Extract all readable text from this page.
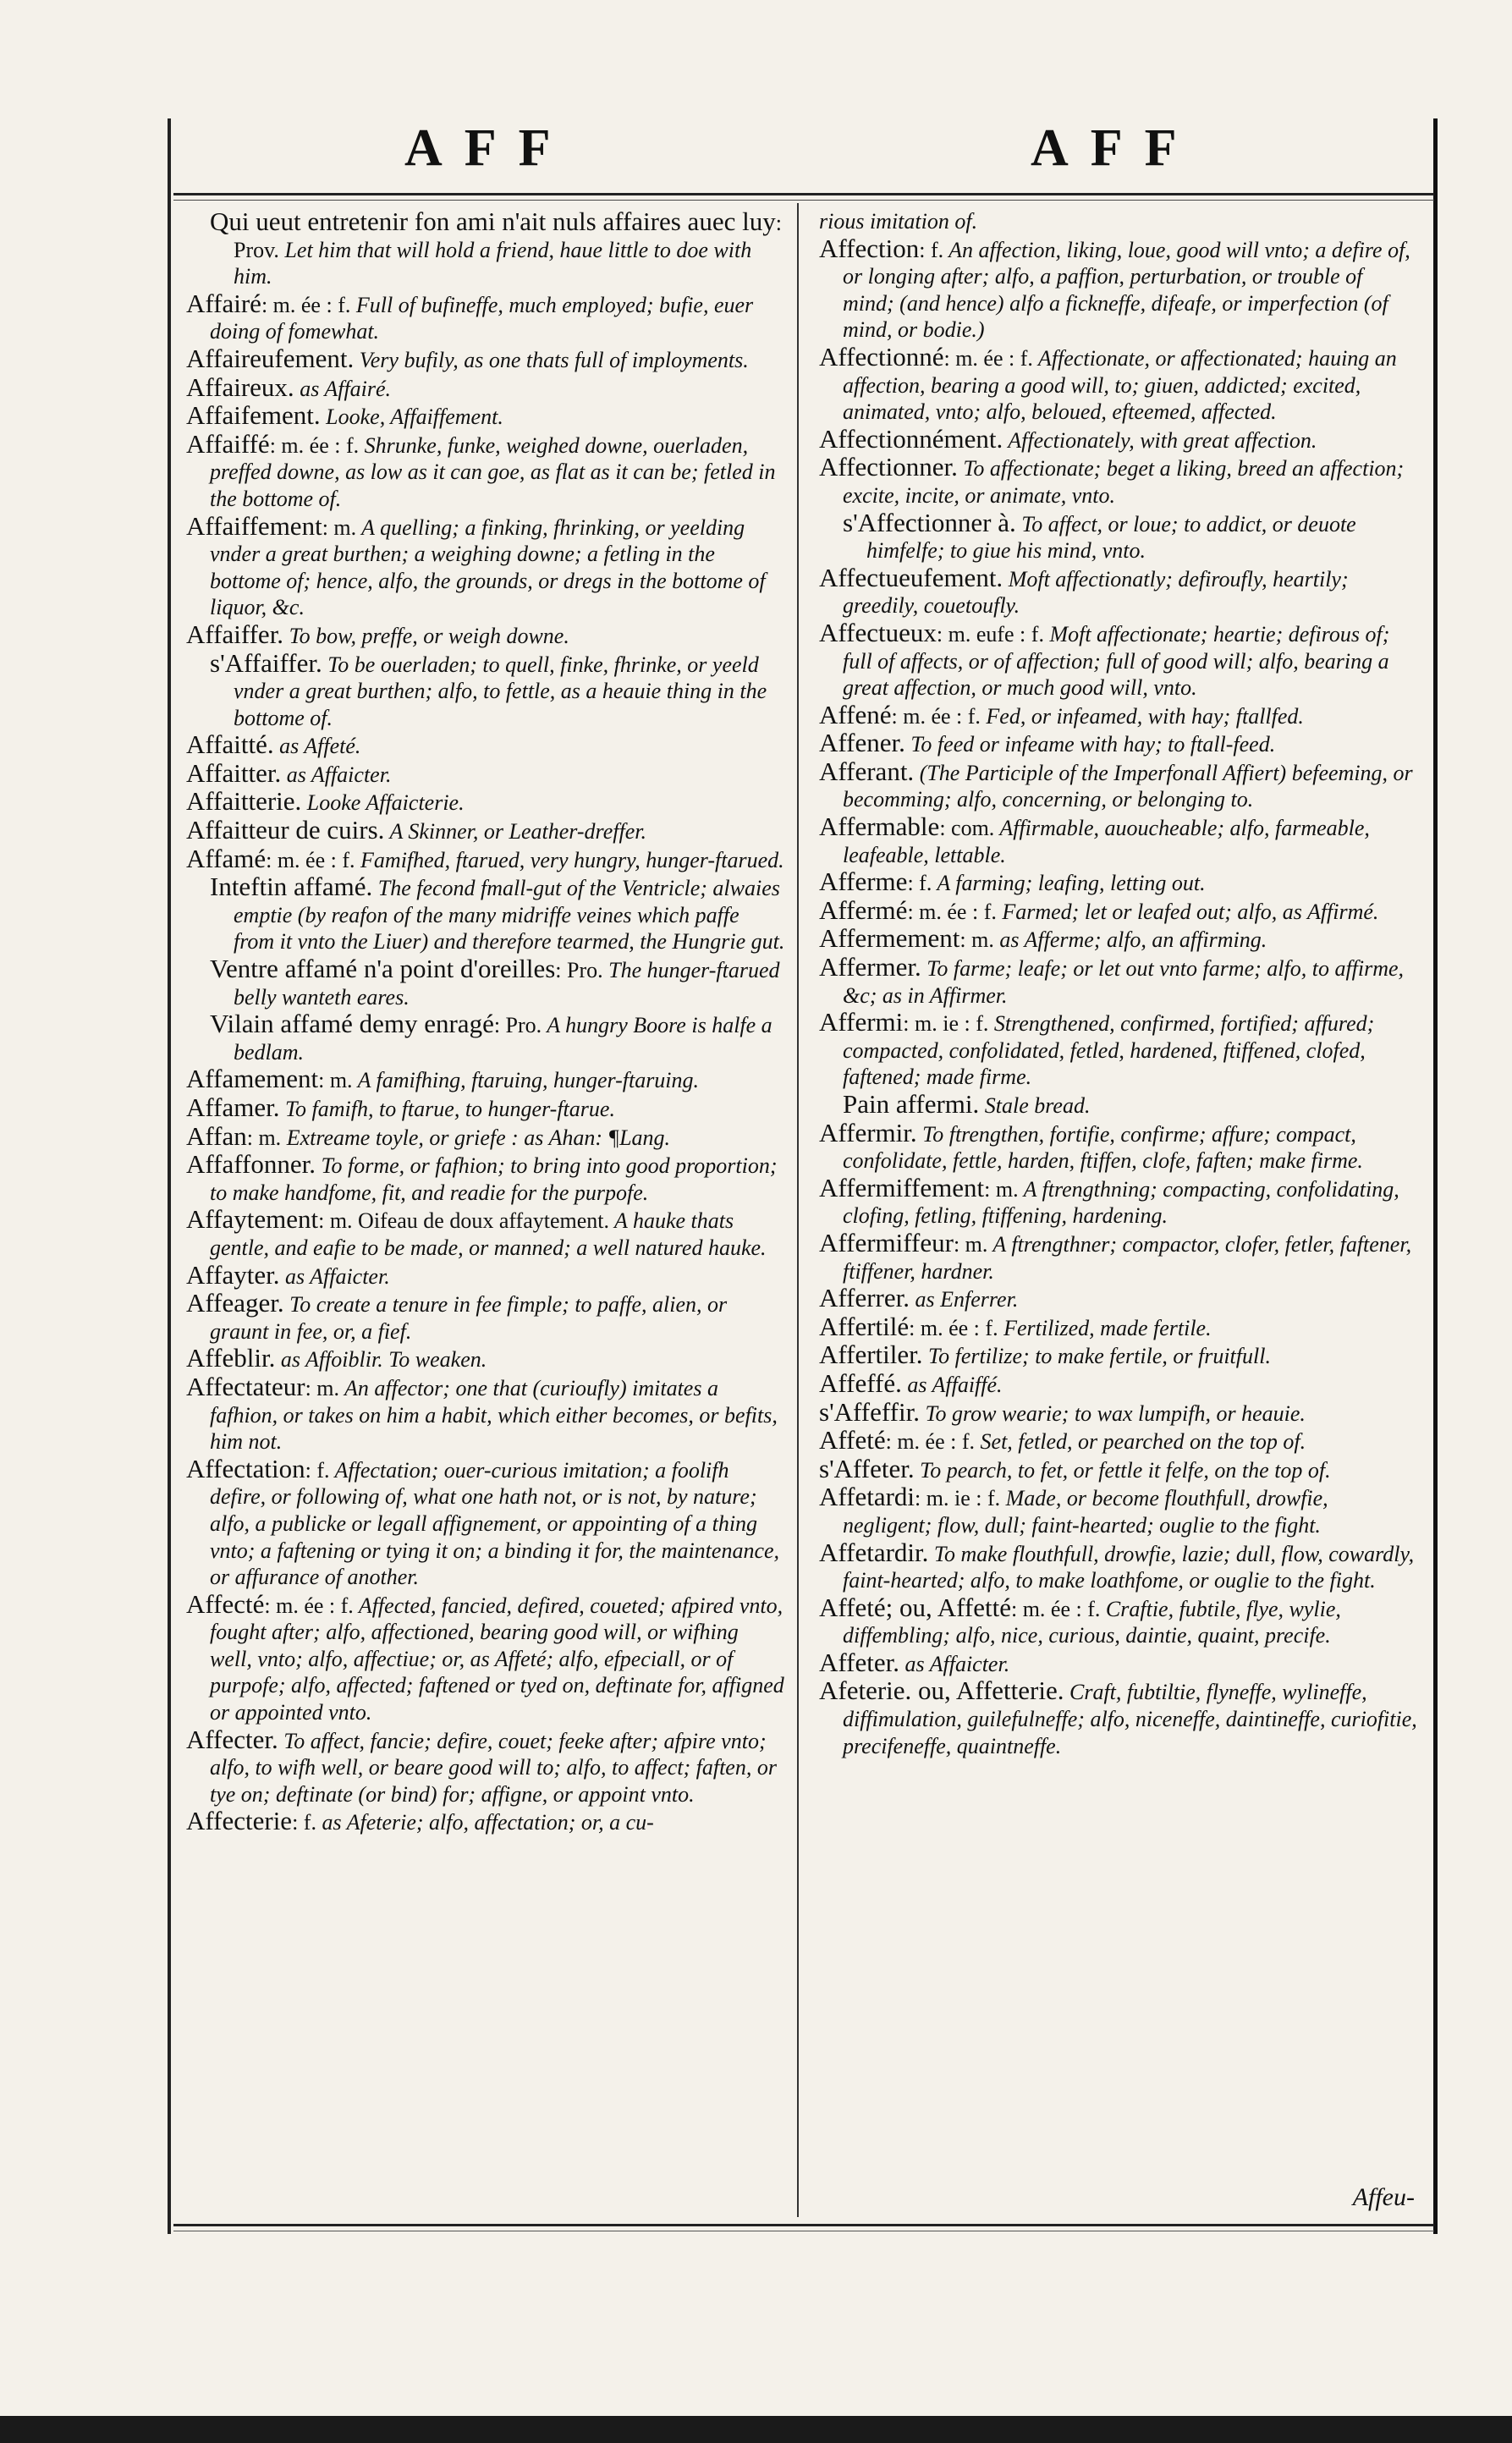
AFF	AFF
Qui ueut entretenir fon ami n'ait nuls affaires auec luy: Prov. Let him that will hold a friend, haue little to doe with him.
Affairé: m. ée : f. Full of bufineffe, much employed; bufie, euer doing of fomewhat.
Affaireufement. Very bufily, as one thats full of imployments.
Affaireux. as Affairé.
Affaifement. Looke, Affaiffement.
Affaiffé: m. ée : f. Shrunke, funke, weighed downe, ouerladen, preffed downe, as low as it can goe, as flat as it can be; fetled in the bottome of.
Affaiffement: m. A quelling; a finking, fhrinking, or yeelding vnder a great burthen; a weighing downe; a fetling in the bottome of; hence, alfo, the grounds, or dregs in the bottome of liquor, &c.
Affaiffer. To bow, preffe, or weigh downe.
s'Affaiffer. To be ouerladen; to quell, finke, fhrinke, or yeeld vnder a great burthen; alfo, to fettle, as a heauie thing in the bottome of.
Affaitté. as Affeté.
Affaitter. as Affaicter.
Affaitterie. Looke Affaicterie.
Affaitteur de cuirs. A Skinner, or Leather-dreffer.
Affamé: m. ée : f. Famifhed, ftarued, very hungry, hunger-ftarued.
Inteftin affamé. The fecond fmall-gut of the Ventricle; alwaies emptie (by reafon of the many midriffe veines which paffe from it vnto the Liuer) and therefore tearmed, the Hungrie gut.
Ventre affamé n'a point d'oreilles: Pro. The hunger-ftarued belly wanteth eares.
Vilain affamé demy enragé: Pro. A hungry Boore is halfe a bedlam.
Affamement: m. A famifhing, ftaruing, hunger-ftaruing.
Affamer. To famifh, to ftarue, to hunger-ftarue.
Affan: m. Extreame toyle, or griefe : as Ahan: ¶Lang.
Affaffonner. To forme, or fafhion; to bring into good proportion; to make handfome, fit, and readie for the purpofe.
Affaytement: m. Oifeau de doux affaytement. A hauke thats gentle, and eafie to be made, or manned; a well natured hauke.
Affayter. as Affaicter.
Affeager. To create a tenure in fee fimple; to paffe, alien, or graunt in fee, or, a fief.
Affeblir. as Affoiblir. To weaken.
Affectateur: m. An affector; one that (curioufly) imitates a fafhion, or takes on him a habit, which either becomes, or befits, him not.
Affectation: f. Affectation; ouer-curious imitation; a foolifh defire, or following of, what one hath not, or is not, by nature; alfo, a publicke or legall affignement, or appointing of a thing vnto; a faftening or tying it on; a binding it for, the maintenance, or affurance of another.
Affecté: m. ée : f. Affected, fancied, defired, coueted; afpired vnto, fought after; alfo, affectioned, bearing good will, or wifhing well, vnto; alfo, affectiue; or, as Affeté; alfo, efpeciall, or of purpofe; alfo, affected; faftened or tyed on, deftinate for, affigned or appointed vnto.
Affecter. To affect, fancie; defire, couet; feeke after; afpire vnto; alfo, to wifh well, or beare good will to; alfo, to affect; faften, or tye on; deftinate (or bind) for; affigne, or appoint vnto.
Affecterie: f. as Afeterie; alfo, affectation; or, a cu-
rious imitation of.
Affection: f. An affection, liking, loue, good will vnto; a defire of, or longing after; alfo, a paffion, perturbation, or trouble of mind; (and hence) alfo a fickneffe, difeafe, or imperfection (of mind, or bodie.)
Affectionné: m. ée : f. Affectionate, or affectionated; hauing an affection, bearing a good will, to; giuen, addicted; excited, animated, vnto; alfo, beloued, efteemed, affected.
Affectionnément. Affectionately, with great affection.
Affectionner. To affectionate; beget a liking, breed an affection; excite, incite, or animate, vnto.
s'Affectionner à. To affect, or loue; to addict, or deuote himfelfe; to giue his mind, vnto.
Affectueufement. Moft affectionatly; defiroufly, heartily; greedily, couetoufly.
Affectueux: m. eufe : f. Moft affectionate; heartie; defirous of; full of affects, or of affection; full of good will; alfo, bearing a great affection, or much good will, vnto.
Affené: m. ée : f. Fed, or infeamed, with hay; ftallfed.
Affener. To feed or infeame with hay; to ftall-feed.
Afferant. (The Participle of the Imperfonall Affiert) befeeming, or becomming; alfo, concerning, or belonging to.
Affermable: com. Affirmable, auoucheable; alfo, farmeable, leafeable, lettable.
Afferme: f. A farming; leafing, letting out.
Affermé: m. ée : f. Farmed; let or leafed out; alfo, as Affirmé.
Affermement: m. as Afferme; alfo, an affirming.
Affermer. To farme; leafe; or let out vnto farme; alfo, to affirme, &c; as in Affirmer.
Affermi: m. ie : f. Strengthened, confirmed, fortified; affured; compacted, confolidated, fetled, hardened, ftiffened, clofed, faftened; made firme.
Pain affermi. Stale bread.
Affermir. To ftrengthen, fortifie, confirme; affure; compact, confolidate, fettle, harden, ftiffen, clofe, faften; make firme.
Affermiffement: m. A ftrengthning; compacting, confolidating, clofing, fetling, ftiffening, hardening.
Affermiffeur: m. A ftrengthner; compactor, clofer, fetler, faftener, ftiffener, hardner.
Afferrer. as Enferrer.
Affertilé: m. ée : f. Fertilized, made fertile.
Affertiler. To fertilize; to make fertile, or fruitfull.
Affeffé. as Affaiffé.
s'Affeffir. To grow wearie; to wax lumpifh, or heauie.
Affeté: m. ée : f. Set, fetled, or pearched on the top of.
s'Affeter. To pearch, to fet, or fettle it felfe, on the top of.
Affetardi: m. ie : f. Made, or become flouthfull, drowfie, negligent; flow, dull; faint-hearted; ouglie to the fight.
Affetardir. To make flouthfull, drowfie, lazie; dull, flow, cowardly, faint-hearted; alfo, to make loathfome, or ouglie to the fight.
Affeté; ou, Affetté: m. ée : f. Craftie, fubtile, flye, wylie, diffembling; alfo, nice, curious, daintie, quaint, precife.
Affeter. as Affaicter.
Afeterie. ou, Affetterie. Craft, fubtiltie, flyneffe, wylineffe, diffimulation, guilefulneffe; alfo, niceneffe, daintineffe, curiofitie, precifeneffe, quaintneffe.
Affeu-
